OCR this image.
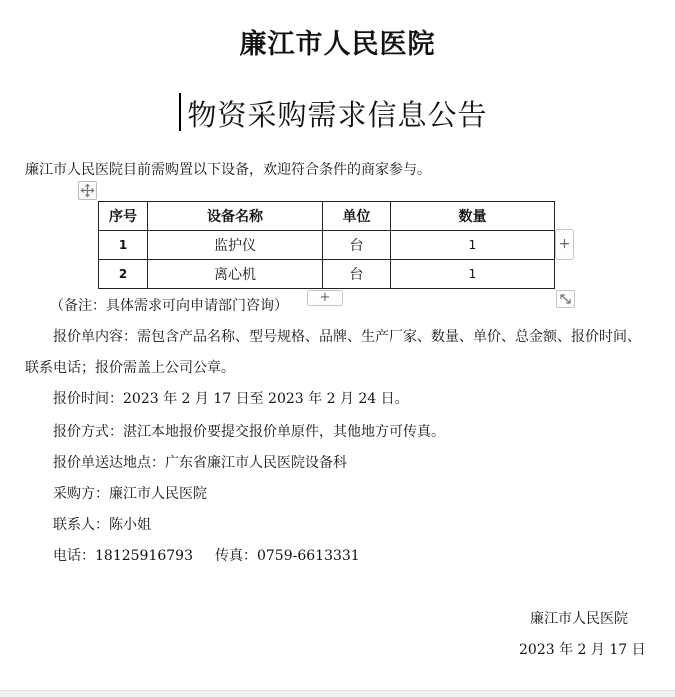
廉江市人民医院
物资采购需求信息公告
廉江市人民医院目前需购置以下设备，欢迎符合条件的商家参与。
序号	设备名称	单位	数量
1	监护仪	台	1
2	离心机	台	1
+
+
（备注：具体需求可向申请部门咨询）
报价单内容：需包含产品名称、型号规格、品牌、生产厂家、数量、单价、总金额、报价时间、
联系电话；报价需盖上公司公章。
报价时间：2023 年 2 月 17 日至 2023 年 2 月 24 日。
报价方式：湛江本地报价要提交报价单原件，其他地方可传真。
报价单送达地点：广东省廉江市人民医院设备科
采购方：廉江市人民医院
联系人：陈小姐
电话：18125916793 传真：0759-6613331
廉江市人民医院
2023 年 2 月 17 日
